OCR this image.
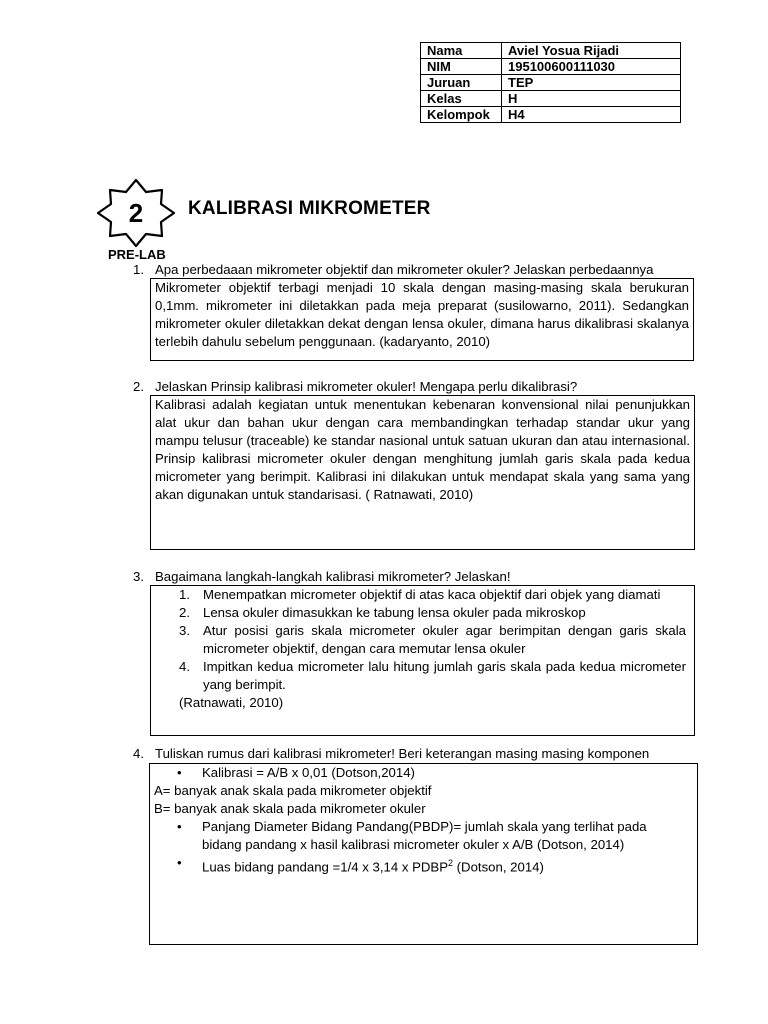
Nama	Aviel Yosua Rijadi
NIM	195100600111030
Juruan	TEP
Kelas	H
Kelompok	H4
2	KALIBRASI MIKROMETER
PRE-LAB
1. Apa perbedaaan mikrometer objektif dan mikrometer okuler? Jelaskan perbedaannya

Mikrometer objektif terbagi menjadi 10 skala dengan masing-masing skala berukuran 0,1mm. mikrometer ini diletakkan pada meja preparat (susilowarno, 2011). Sedangkan mikrometer okuler diletakkan dekat dengan lensa okuler, dimana harus dikalibrasi skalanya terlebih dahulu sebelum penggunaan. (kadaryanto, 2010)

2. Jelaskan Prinsip kalibrasi mikrometer okuler! Mengapa perlu dikalibrasi?

Kalibrasi adalah kegiatan untuk menentukan kebenaran konvensional nilai penunjukkan alat ukur dan bahan ukur dengan cara membandingkan terhadap standar ukur yang mampu telusur (traceable) ke standar nasional untuk satuan ukuran dan atau internasional. Prinsip kalibrasi micrometer okuler dengan menghitung jumlah garis skala pada kedua micrometer yang berimpit. Kalibrasi ini dilakukan untuk mendapat skala yang sama yang akan digunakan untuk standarisasi. ( Ratnawati, 2010)

3. Bagaimana langkah-langkah kalibrasi mikrometer? Jelaskan!
1. Menempatkan micrometer objektif di atas kaca objektif dari objek yang diamati
2. Lensa okuler dimasukkan ke tabung lensa okuler pada mikroskop
3. Atur posisi garis skala micrometer okuler agar berimpitan dengan garis skala micrometer objektif, dengan cara memutar lensa okuler
4. Impitkan kedua micrometer lalu hitung jumlah garis skala pada kedua micrometer yang berimpit.
(Ratnawati, 2010)
4. Tuliskan rumus dari kalibrasi mikrometer! Beri keterangan masing masing komponen
• Kalibrasi = A/B x 0,01 (Dotson,2014)
A= banyak anak skala pada mikrometer objektif
B= banyak anak skala pada mikrometer okuler
• Panjang Diameter Bidang Pandang(PBDP)= jumlah skala yang terlihat pada bidang pandang x hasil kalibrasi micrometer okuler x A/B (Dotson, 2014)
• Luas bidang pandang =1/4 x 3,14 x PDBP$^2$ (Dotson, 2014)
